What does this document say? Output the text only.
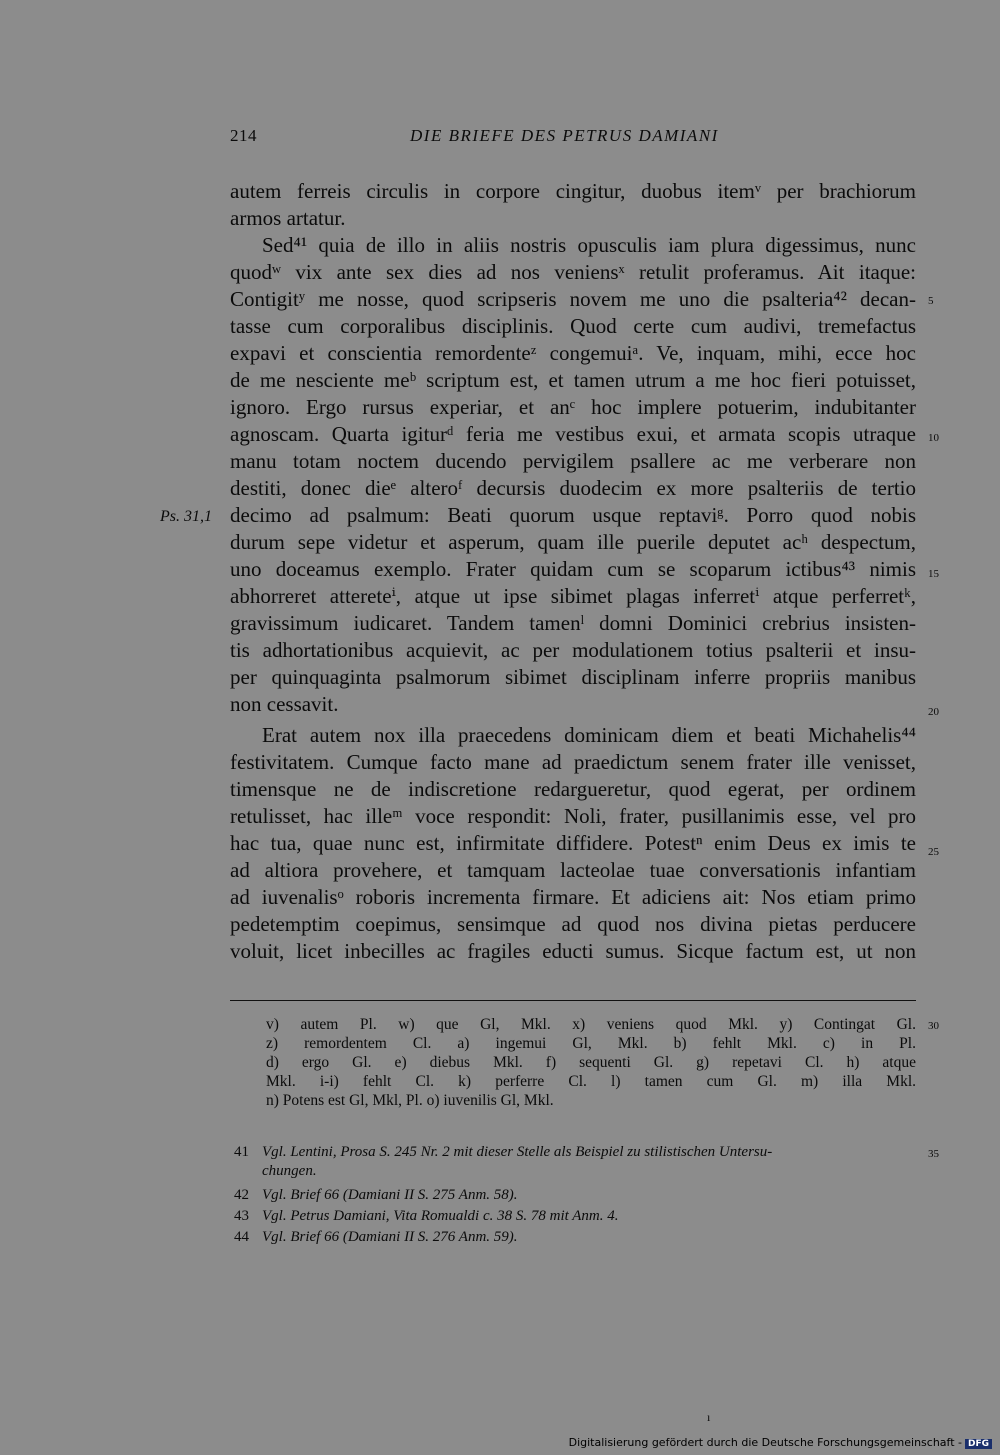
214	DIE BRIEFE DES PETRUS DAMIANI
autem ferreis circulis in corpore cingitur, duobus itemᵛ per brachiorum
armos artatur.
Sed⁴¹ quia de illo in aliis nostris opusculis iam plura digessimus, nunc
quodʷ vix ante sex dies ad nos veniensˣ retulit proferamus. Ait itaque:
Contigitʸ me nosse, quod scripseris novem me uno die psalteria⁴² decan-
tasse cum corporalibus disciplinis. Quod certe cum audivi, tremefactus
expavi et conscientia remordenteᶻ congemuiᵃ. Ve, inquam, mihi, ecce hoc
de me nesciente meᵇ scriptum est, et tamen utrum a me hoc fieri potuisset,
ignoro. Ergo rursus experiar, et anᶜ hoc implere potuerim, indubitanter
agnoscam. Quarta igiturᵈ feria me vestibus exui, et armata scopis utraque
manu totam noctem ducendo pervigilem psallere ac me verberare non
destiti, donec dieᵉ alteroᶠ decursis duodecim ex more psalteriis de tertio
decimo ad psalmum: Beati quorum usque reptaviᵍ. Porro quod nobis
durum sepe videtur et asperum, quam ille puerile deputet acʰ despectum,
uno doceamus exemplo. Frater quidam cum se scoparum ictibus⁴³ nimis
abhorreret attereteⁱ, atque ut ipse sibimet plagas inferretⁱ atque perferretᵏ,
gravissimum iudicaret. Tandem tamenˡ domni Dominici crebrius insisten-
tis adhortationibus acquievit, ac per modulationem totius psalterii et insu-
per quinquaginta psalmorum sibimet disciplinam inferre propriis manibus
non cessavit.
Erat autem nox illa praecedens dominicam diem et beati Michahelis⁴⁴
festivitatem. Cumque facto mane ad praedictum senem frater ille venisset,
timensque ne de indiscretione redargueretur, quod egerat, per ordinem
retulisset, hac illeᵐ voce respondit: Noli, frater, pusillanimis esse, vel pro
hac tua, quae nunc est, infirmitate diffidere. Potestⁿ enim Deus ex imis te
ad altiora provehere, et tamquam lacteolae tuae conversationis infantiam
ad iuvenalisᵒ roboris incrementa firmare. Et adiciens ait: Nos etiam primo
pedetemptim coepimus, sensimque ad quod nos divina pietas perducere
voluit, licet inbecilles ac fragiles educti sumus. Sicque factum est, ut non
Ps. 31,1
5
10
15
20
25
30
35
v) autem Pl. w) que Gl, Mkl. x) veniens quod Mkl. y) Contingat Gl.
z) remordentem Cl. a) ingemui Gl, Mkl. b) fehlt Mkl. c) in Pl.
d) ergo Gl. e) diebus Mkl. f) sequenti Gl. g) repetavi Cl. h) atque
Mkl. i-i) fehlt Cl. k) perferre Cl. l) tamen cum Gl. m) illa Mkl.
n) Potens est Gl, Mkl, Pl. o) iuvenilis Gl, Mkl.
41 Vgl. Lentini, Prosa S. 245 Nr. 2 mit dieser Stelle als Beispiel zu stilistischen Untersu-
chungen.
42 Vgl. Brief 66 (Damiani II S. 275 Anm. 58).
43 Vgl. Petrus Damiani, Vita Romualdi c. 38 S. 78 mit Anm. 4.
44 Vgl. Brief 66 (Damiani II S. 276 Anm. 59).
ı
Digitalisierung gefördert durch die Deutsche Forschungsgemeinschaft - DFG
